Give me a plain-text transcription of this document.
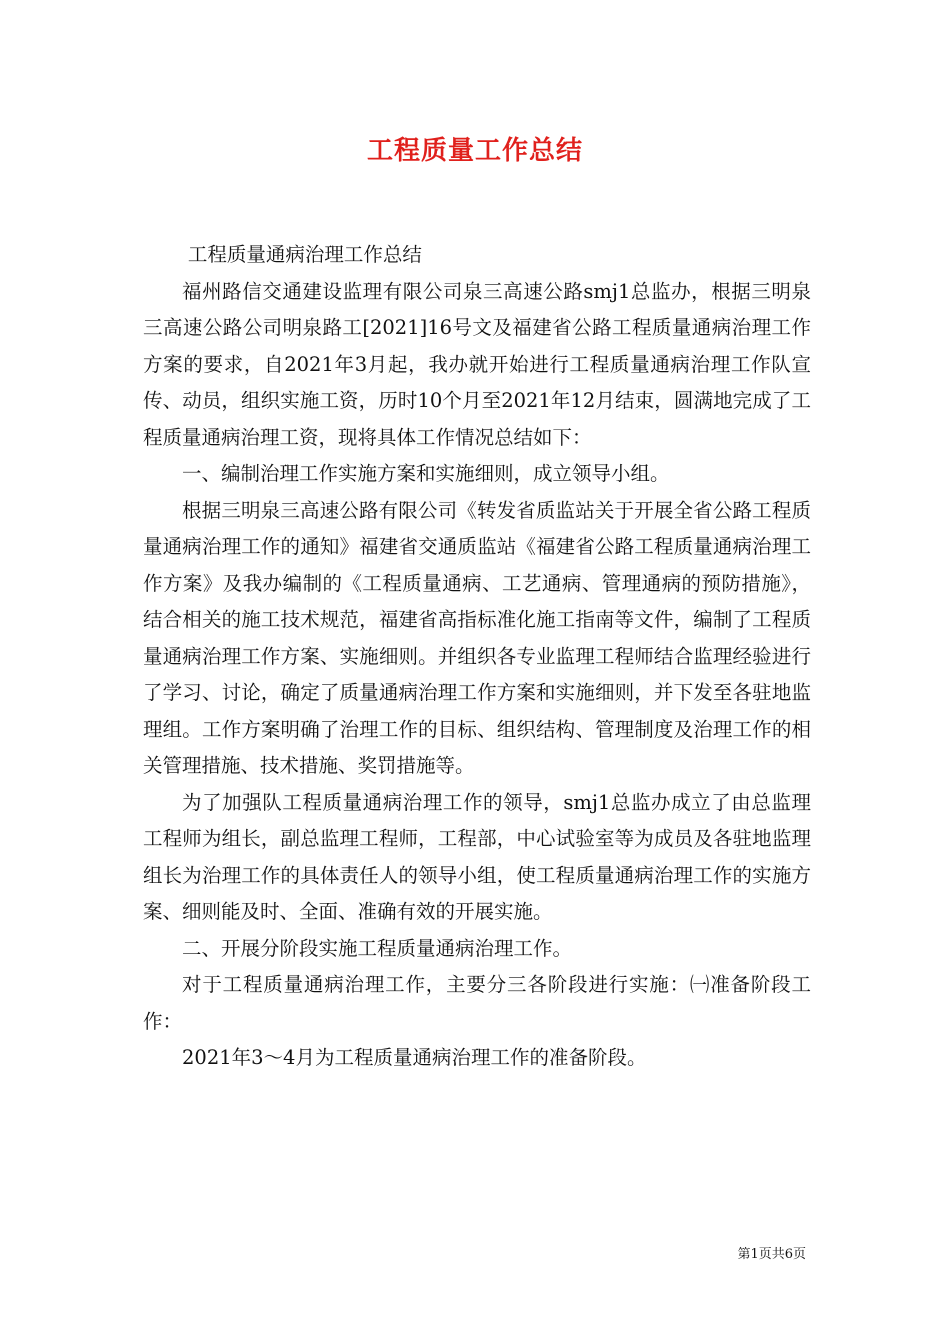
工程质量工作总结

工程质量通病治理工作总结

福州路信交通建设监理有限公司泉三高速公路smj1总监办，根据三明泉三高速公路公司明泉路工[2021]16号文及福建省公路工程质量通病治理工作方案的要求，自2021年3月起，我办就开始进行工程质量通病治理工作队宣传、动员，组织实施工资，历时10个月至2021年12月结束，圆满地完成了工程质量通病治理工资，现将具体工作情况总结如下：

一、编制治理工作实施方案和实施细则，成立领导小组。

根据三明泉三高速公路有限公司《转发省质监站关于开展全省公路工程质量通病治理工作的通知》福建省交通质监站《福建省公路工程质量通病治理工作方案》及我办编制的《工程质量通病、工艺通病、管理通病的预防措施》，结合相关的施工技术规范，福建省高指标准化施工指南等文件，编制了工程质量通病治理工作方案、实施细则。并组织各专业监理工程师结合监理经验进行了学习、讨论，确定了质量通病治理工作方案和实施细则，并下发至各驻地监理组。工作方案明确了治理工作的目标、组织结构、管理制度及治理工作的相关管理措施、技术措施、奖罚措施等。

为了加强队工程质量通病治理工作的领导，smj1总监办成立了由总监理工程师为组长，副总监理工程师，工程部，中心试验室等为成员及各驻地监理组长为治理工作的具体责任人的领导小组，使工程质量通病治理工作的实施方案、细则能及时、全面、准确有效的开展实施。

二、开展分阶段实施工程质量通病治理工作。

对于工程质量通病治理工作，主要分三各阶段进行实施：㈠准备阶段工作：

2021年3～4月为工程质量通病治理工作的准备阶段。

第1页共6页
